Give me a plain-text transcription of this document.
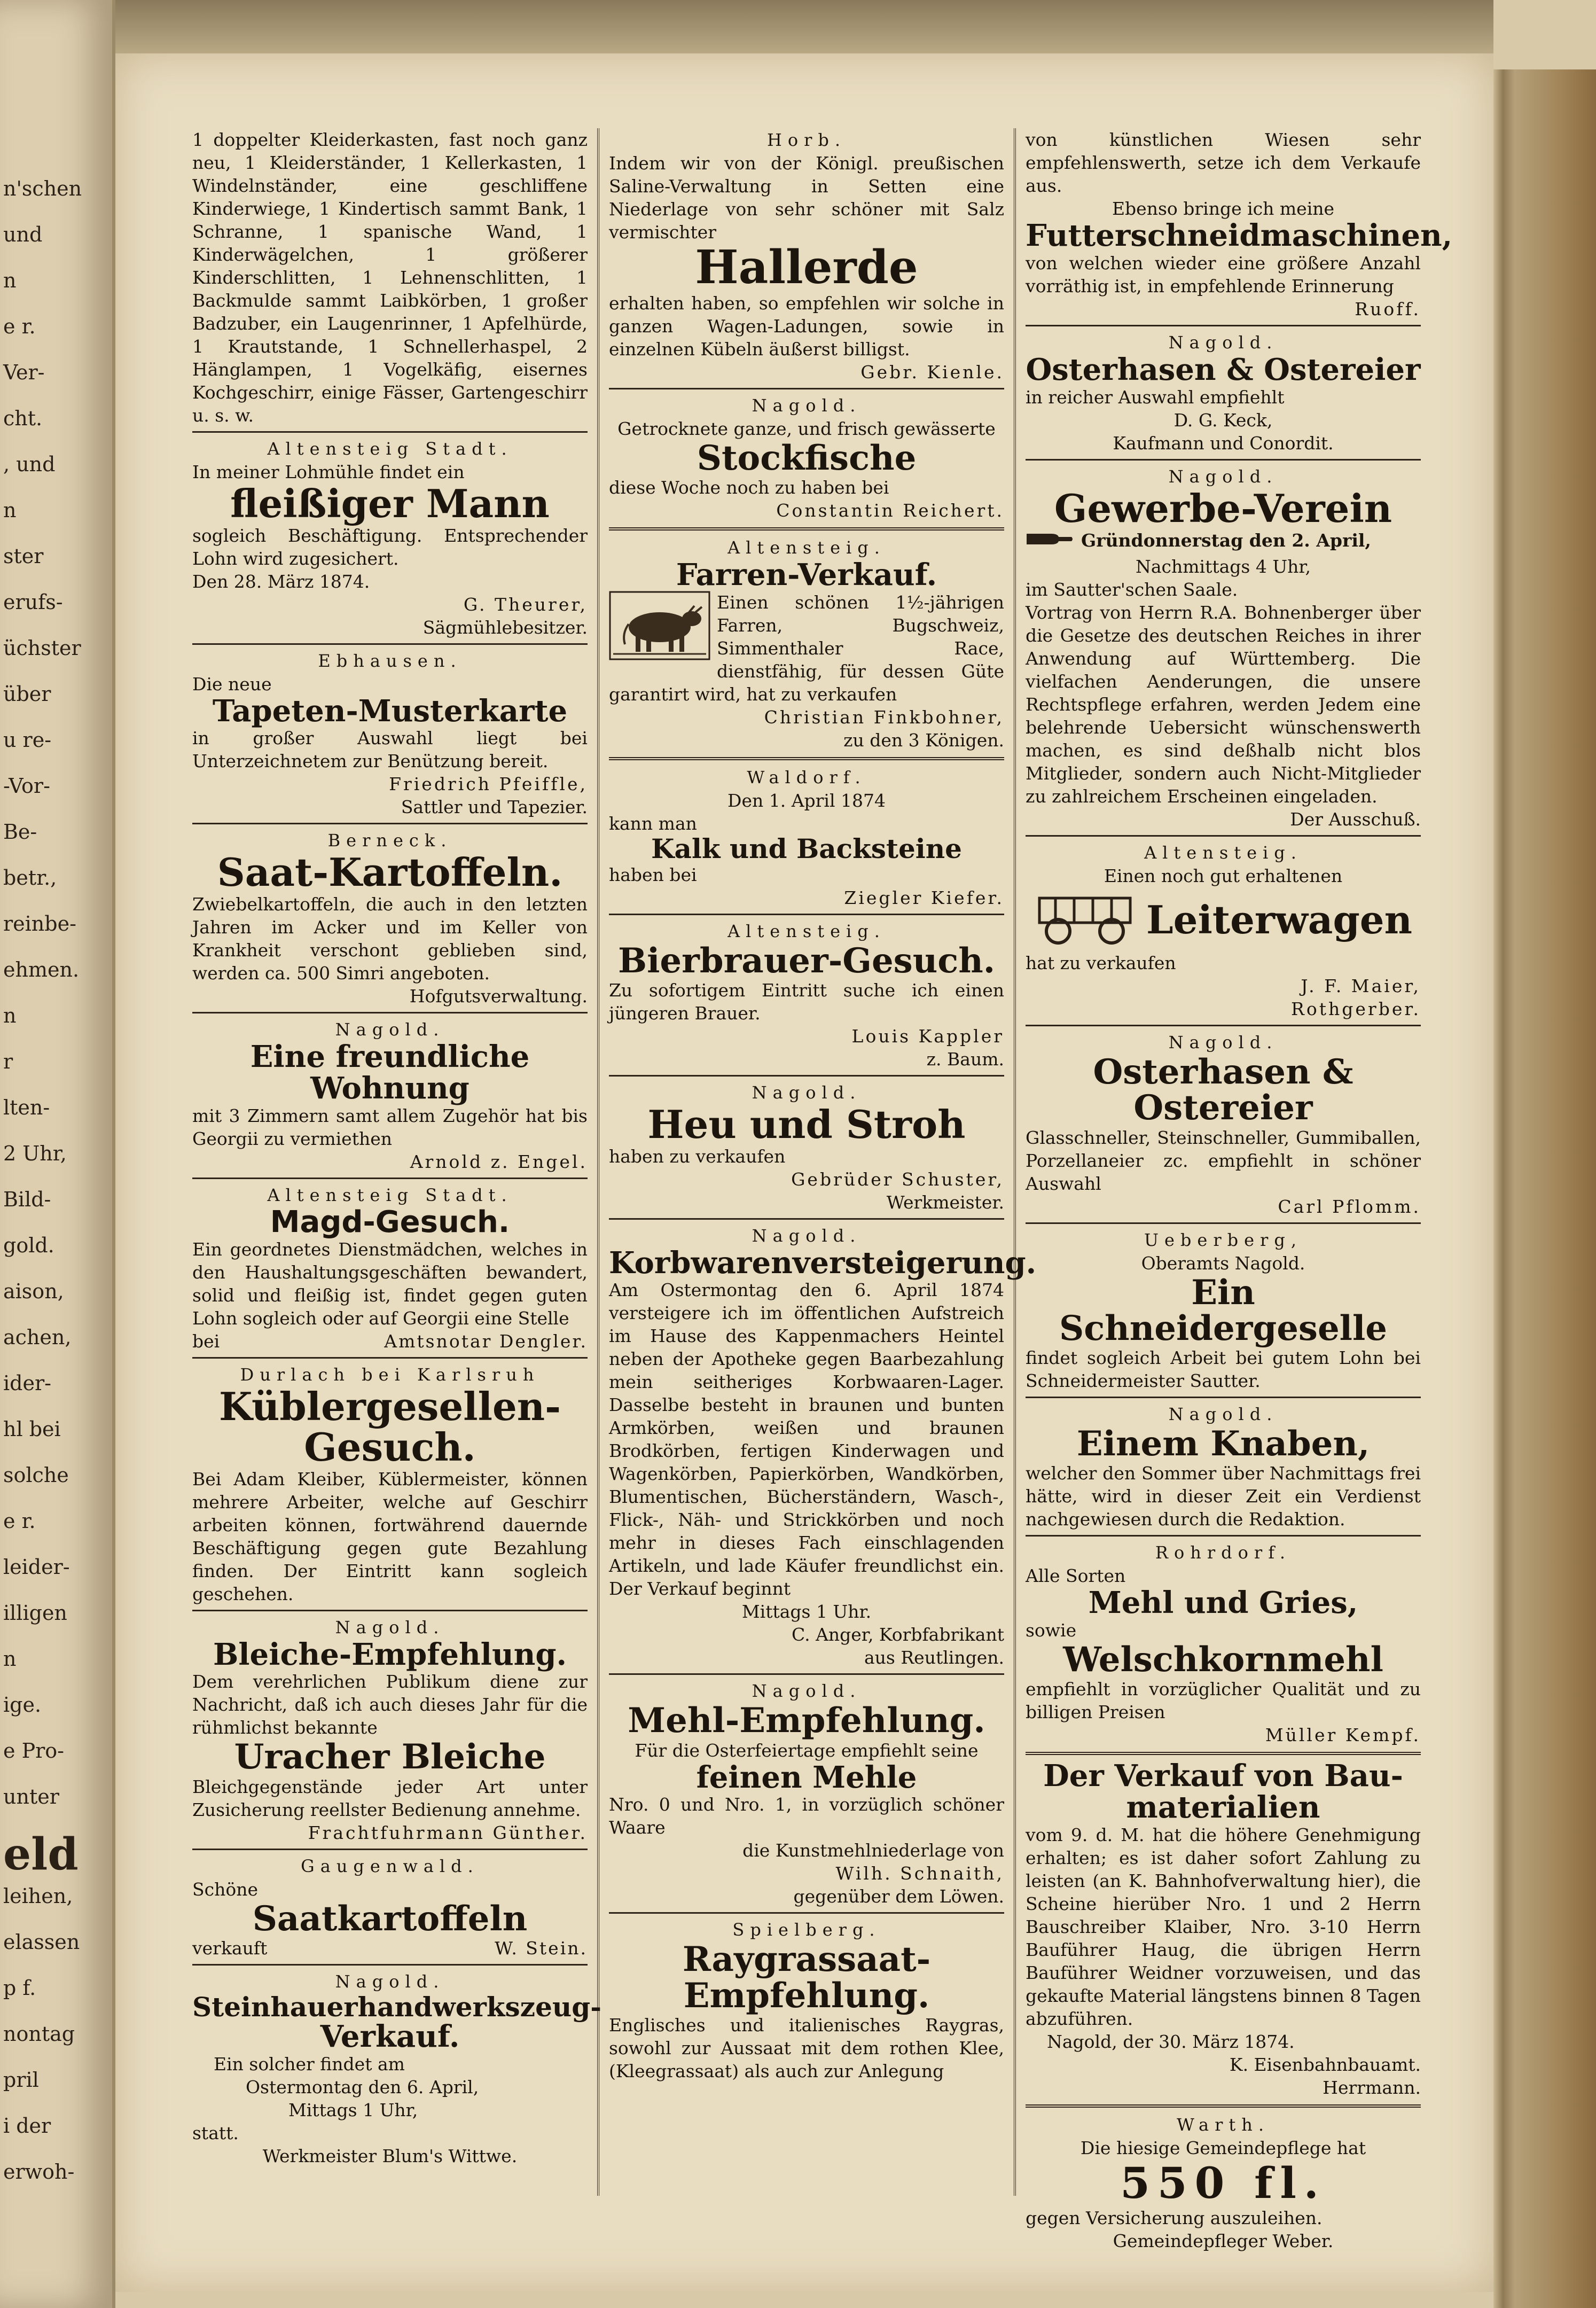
n'schen
und
n
e r.
Ver-
cht.
, und
n
ster
erufs-
üchster
über
u re-
-Vor-
Be-
betr.,
reinbe-
ehmen.
n
r
lten-
2 Uhr,
Bild-
gold.
aison,
achen,
ider-
hl bei
solche
e r.
leider-
illigen
n
ige.
e Pro-
unter
eld
leihen,
elassen
p f.
nontag
pril
i der
erwoh-

1 doppelter Kleiderkasten, fast noch ganz neu, 1 Kleiderständer, 1 Kellerkasten, 1 Windelnständer, eine geschliffene Kinderwiege, 1 Kindertisch sammt Bank, 1 Schranne, 1 spanische Wand, 1 Kinderwägelchen, 1 größerer Kinderschlitten, 1 Lehnenschlitten, 1 Backmulde sammt Laibkörben, 1 großer Badzuber, ein Laugenrinner, 1 Apfelhürde, 1 Krautstande, 1 Schnellerhaspel, 2 Hänglampen, 1 Vogelkäfig, eisernes Kochgeschirr, einige Fässer, Gartengeschirr u. s. w.

Altensteig Stadt.

In meiner Lohmühle findet ein

fleißiger Mann

sogleich Beschäftigung. Entsprechender Lohn wird zugesichert.

Den 28. März 1874.

G. Theurer,

Sägmühlebesitzer.

Ebhausen.

Die neue

Tapeten-Musterkarte

in großer Auswahl liegt bei Unterzeichnetem zur Benützung bereit.

Friedrich Pfeiffle,

Sattler und Tapezier.

Berneck.

Saat-Kartoffeln.

Zwiebelkartoffeln, die auch in den letzten Jahren im Acker und im Keller von Krankheit verschont geblieben sind, werden ca. 500 Simri angeboten.

Hofgutsverwaltung.

Nagold.

Eine freundliche Wohnung

mit 3 Zimmern samt allem Zugehör hat bis Georgii zu vermiethen

Arnold z. Engel.

Altensteig Stadt.

Magd-Gesuch.

Ein geordnetes Dienstmädchen, welches in den Haushaltungsgeschäften bewandert, solid und fleißig ist, findet gegen guten Lohn sogleich oder auf Georgii eine Stelle

bei	Amtsnotar Dengler.

Durlach bei Karlsruh

Küblergesellen-

Gesuch.

Bei Adam Kleiber, Küblermeister, können mehrere Arbeiter, welche auf Geschirr arbeiten können, fortwährend dauernde Beschäftigung gegen gute Bezahlung finden. Der Eintritt kann sogleich geschehen.

Nagold.

Bleiche-Empfehlung.

Dem verehrlichen Publikum diene zur Nachricht, daß ich auch dieses Jahr für die rühmlichst bekannte

Uracher Bleiche

Bleichgegenstände jeder Art unter Zusicherung reellster Bedienung annehme.

Frachtfuhrmann Günther.

Gaugenwald.

Schöne

Saatkartoffeln

verkauft	W. Stein.

Nagold.

Steinhauerhandwerkszeug-

Verkauf.

Ein solcher findet am

Ostermontag den 6. April,

Mittags 1 Uhr,

statt.

Werkmeister Blum's Wittwe.

Horb.

Indem wir von der Königl. preußischen Saline-Verwaltung in Setten eine Niederlage von sehr schöner mit Salz vermischter

Hallerde

erhalten haben, so empfehlen wir solche in ganzen Wagen-Ladungen, sowie in einzelnen Kübeln äußerst billigst.

Gebr. Kienle.

Nagold.

Getrocknete ganze, und frisch gewässerte

Stockfische

diese Woche noch zu haben bei

Constantin Reichert.

Altensteig.

Farren-Verkauf.

Einen schönen 1½-jährigen Farren, Bugschweiz, Simmenthaler Race, dienstfähig, für dessen Güte garantirt wird, hat zu verkaufen

Christian Finkbohner,

zu den 3 Königen.

Waldorf.

Den 1. April 1874

kann man

Kalk und Backsteine

haben bei

Ziegler Kiefer.

Altensteig.

Bierbrauer-Gesuch.

Zu sofortigem Eintritt suche ich einen jüngeren Brauer.

Louis Kappler

z. Baum.

Nagold.

Heu und Stroh

haben zu verkaufen

Gebrüder Schuster,

Werkmeister.

Nagold.

Korbwarenversteigerung.

Am Ostermontag den 6. April 1874 versteigere ich im öffentlichen Aufstreich im Hause des Kappenmachers Heintel neben der Apotheke gegen Baarbezahlung mein seitheriges Korbwaaren-Lager. Dasselbe besteht in braunen und bunten Armkörben, weißen und braunen Brodkörben, fertigen Kinderwagen und Wagenkörben, Papierkörben, Wandkörben, Blumentischen, Bücherständern, Wasch-, Flick-, Näh- und Strickkörben und noch mehr in dieses Fach einschlagenden Artikeln, und lade Käufer freundlichst ein. Der Verkauf beginnt

Mittags 1 Uhr.

C. Anger, Korbfabrikant

aus Reutlingen.

Nagold.

Mehl-Empfehlung.

Für die Osterfeiertage empfiehlt seine

feinen Mehle

Nro. 0 und Nro. 1, in vorzüglich schöner Waare

die Kunstmehlniederlage von

Wilh. Schnaith,

gegenüber dem Löwen.

Spielberg.

Raygrassaat-

Empfehlung.

Englisches und italienisches Raygras, sowohl zur Aussaat mit dem rothen Klee, (Kleegrassaat) als auch zur Anlegung

von künstlichen Wiesen sehr empfehlenswerth, setze ich dem Verkaufe aus.

Ebenso bringe ich meine

Futterschneidmaschinen,

von welchen wieder eine größere Anzahl vorräthig ist, in empfehlende Erinnerung

Ruoff.

Nagold.

Osterhasen & Ostereier

in reicher Auswahl empfiehlt

D. G. Keck,

Kaufmann und Conordit.

Nagold.

Gewerbe-Verein

Gründonnerstag den 2. April,

Nachmittags 4 Uhr,

im Sautter'schen Saale.

Vortrag von Herrn R.A. Bohnenberger über die Gesetze des deutschen Reiches in ihrer Anwendung auf Württemberg. Die vielfachen Aenderungen, die unsere Rechtspflege erfahren, werden Jedem eine belehrende Uebersicht wünschenswerth machen, es sind deßhalb nicht blos Mitglieder, sondern auch Nicht-Mitglieder zu zahlreichem Erscheinen eingeladen.

Der Ausschuß.

Altensteig.

Einen noch gut erhaltenen

Leiterwagen

hat zu verkaufen

J. F. Maier,

Rothgerber.

Nagold.

Osterhasen & Ostereier

Glasschneller, Steinschneller, Gummiballen, Porzellaneier zc. empfiehlt in schöner Auswahl

Carl Pflomm.

Ueberberg,

Oberamts Nagold.

Ein Schneidergeselle

findet sogleich Arbeit bei gutem Lohn bei Schneidermeister Sautter.

Nagold.

Einem Knaben,

welcher den Sommer über Nachmittags frei hätte, wird in dieser Zeit ein Verdienst nachgewiesen durch die Redaktion.

Rohrdorf.

Alle Sorten

Mehl und Gries,

sowie

Welschkornmehl

empfiehlt in vorzüglicher Qualität und zu billigen Preisen

Müller Kempf.

Der Verkauf von Bau-

materialien

vom 9. d. M. hat die höhere Genehmigung erhalten; es ist daher sofort Zahlung zu leisten (an K. Bahnhofverwaltung hier), die Scheine hierüber Nro. 1 und 2 Herrn Bauschreiber Klaiber, Nro. 3-10 Herrn Bauführer Haug, die übrigen Herrn Bauführer Weidner vorzuweisen, und das gekaufte Material längstens binnen 8 Tagen abzuführen.

Nagold, der 30. März 1874.

K. Eisenbahnbauamt.

Herrmann.

Warth.

Die hiesige Gemeindepflege hat

550 fl.

gegen Versicherung auszuleihen.

Gemeindepfleger Weber.
